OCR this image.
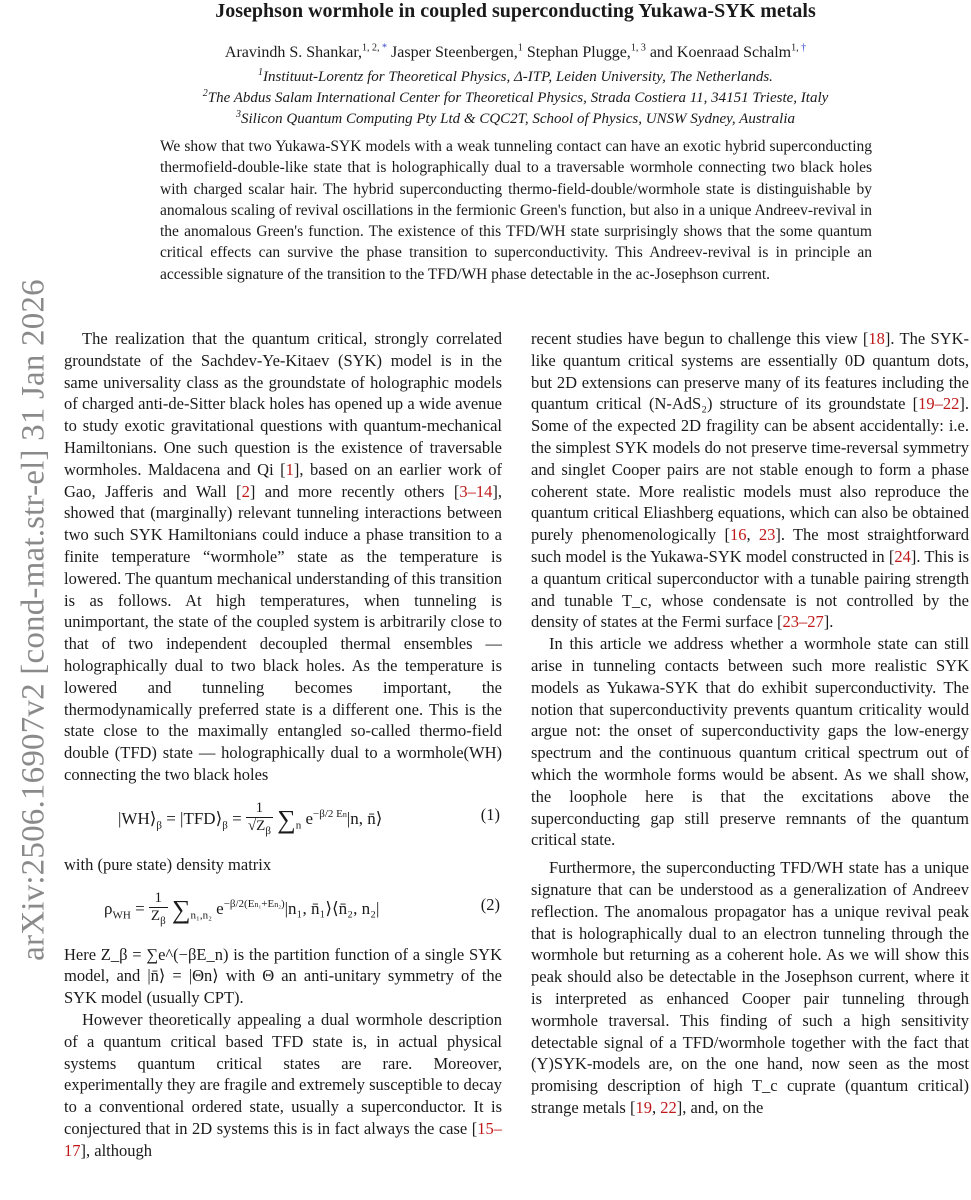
arXiv:2506.16907v2 [cond-mat.str-el] 31 Jan 2026
Josephson wormhole in coupled superconducting Yukawa-SYK metals
Aravindh S. Shankar,$^{1, 2,}$ * Jasper Steenbergen,$^1$ Stephan Plugge,$^{1, 3}$ and Koenraad Schalm$^{1,}$ †
$^1$Instituut-Lorentz for Theoretical Physics, Δ-ITP, Leiden University, The Netherlands.
$^2$The Abdus Salam International Center for Theoretical Physics, Strada Costiera 11, 34151 Trieste, Italy
$^3$Silicon Quantum Computing Pty Ltd & CQC2T, School of Physics, UNSW Sydney, Australia
We show that two Yukawa-SYK models with a weak tunneling contact can have an exotic hybrid superconducting thermofield-double-like state that is holographically dual to a traversable wormhole connecting two black holes with charged scalar hair. The hybrid superconducting thermo-field-double/wormhole state is distinguishable by anomalous scaling of revival oscillations in the fermionic Green's function, but also in a unique Andreev-revival in the anomalous Green's function. The existence of this TFD/WH state surprisingly shows that the some quantum critical effects can survive the phase transition to superconductivity. This Andreev-revival is in principle an accessible signature of the transition to the TFD/WH phase detectable in the ac-Josephson current.

The realization that the quantum critical, strongly correlated groundstate of the Sachdev-Ye-Kitaev (SYK) model is in the same universality class as the groundstate of holographic models of charged anti-de-Sitter black holes has opened up a wide avenue to study exotic gravitational questions with quantum-mechanical Hamiltonians. One such question is the existence of traversable wormholes. Maldacena and Qi [1], based on an earlier work of Gao, Jafferis and Wall [2] and more recently others [3–14], showed that (marginally) relevant tunneling interactions between two such SYK Hamiltonians could induce a phase transition to a finite temperature “wormhole” state as the temperature is lowered. The quantum mechanical understanding of this transition is as follows. At high temperatures, when tunneling is unimportant, the state of the coupled system is arbitrarily close to that of two independent decoupled thermal ensembles — holographically dual to two black holes. As the temperature is lowered and tunneling becomes important, the thermodynamically preferred state is a different one. This is the state close to the maximally entangled so-called thermo-field double (TFD) state — holographically dual to a wormhole(WH) connecting the two black holes

$|WH⟩_\beta$ = $|TFD⟩_\beta = \frac{1}{√Z_\beta} \sum_n$ $e^{-\beta/2 En}|n$, n̄⟩	(1)

with (pure state) density matrix

$\rho_{WH} = \frac{1}{Z_\beta} \sum_{n_1,n_2}$ $e^{-\beta/2(En_1+En_2)}|n_1$, n̄₁⟩⟨n̄₂, n₂|	(2)

Here Z_β = ∑e^(−βE_n) is the partition function of a single SYK model, and |n̄⟩ = |Θn⟩ with Θ an anti-unitary symmetry of the SYK model (usually CPT).

However theoretically appealing a dual wormhole description of a quantum critical based TFD state is, in actual physical systems quantum critical states are rare. Moreover, experimentally they are fragile and extremely susceptible to decay to a conventional ordered state, usually a superconductor. It is conjectured that in 2D systems this is in fact always the case [15–17], although

recent studies have begun to challenge this view [18]. The SYK-like quantum critical systems are essentially 0D quantum dots, but 2D extensions can preserve many of its features including the quantum critical (N-AdS₂) structure of its groundstate [19–22]. Some of the expected 2D fragility can be absent accidentally: i.e. the simplest SYK models do not preserve time-reversal symmetry and singlet Cooper pairs are not stable enough to form a phase coherent state. More realistic models must also reproduce the quantum critical Eliashberg equations, which can also be obtained purely phenomenologically [16, 23]. The most straightforward such model is the Yukawa-SYK model constructed in [24]. This is a quantum critical superconductor with a tunable pairing strength and tunable T_c, whose condensate is not controlled by the density of states at the Fermi surface [23–27].

In this article we address whether a wormhole state can still arise in tunneling contacts between such more realistic SYK models as Yukawa-SYK that do exhibit superconductivity. The notion that superconductivity prevents quantum criticality would argue not: the onset of superconductivity gaps the low-energy spectrum and the continuous quantum critical spectrum out of which the wormhole forms would be absent. As we shall show, the loophole here is that the excitations above the superconducting gap still preserve remnants of the quantum critical state.

Furthermore, the superconducting TFD/WH state has a unique signature that can be understood as a generalization of Andreev reflection. The anomalous propagator has a unique revival peak that is holographically dual to an electron tunneling through the wormhole but returning as a coherent hole. As we will show this peak should also be detectable in the Josephson current, where it is interpreted as enhanced Cooper pair tunneling through wormhole traversal. This finding of such a high sensitivity detectable signal of a TFD/wormhole together with the fact that (Y)SYK-models are, on the one hand, now seen as the most promising description of high T_c cuprate (quantum critical) strange metals [19, 22], and, on the
